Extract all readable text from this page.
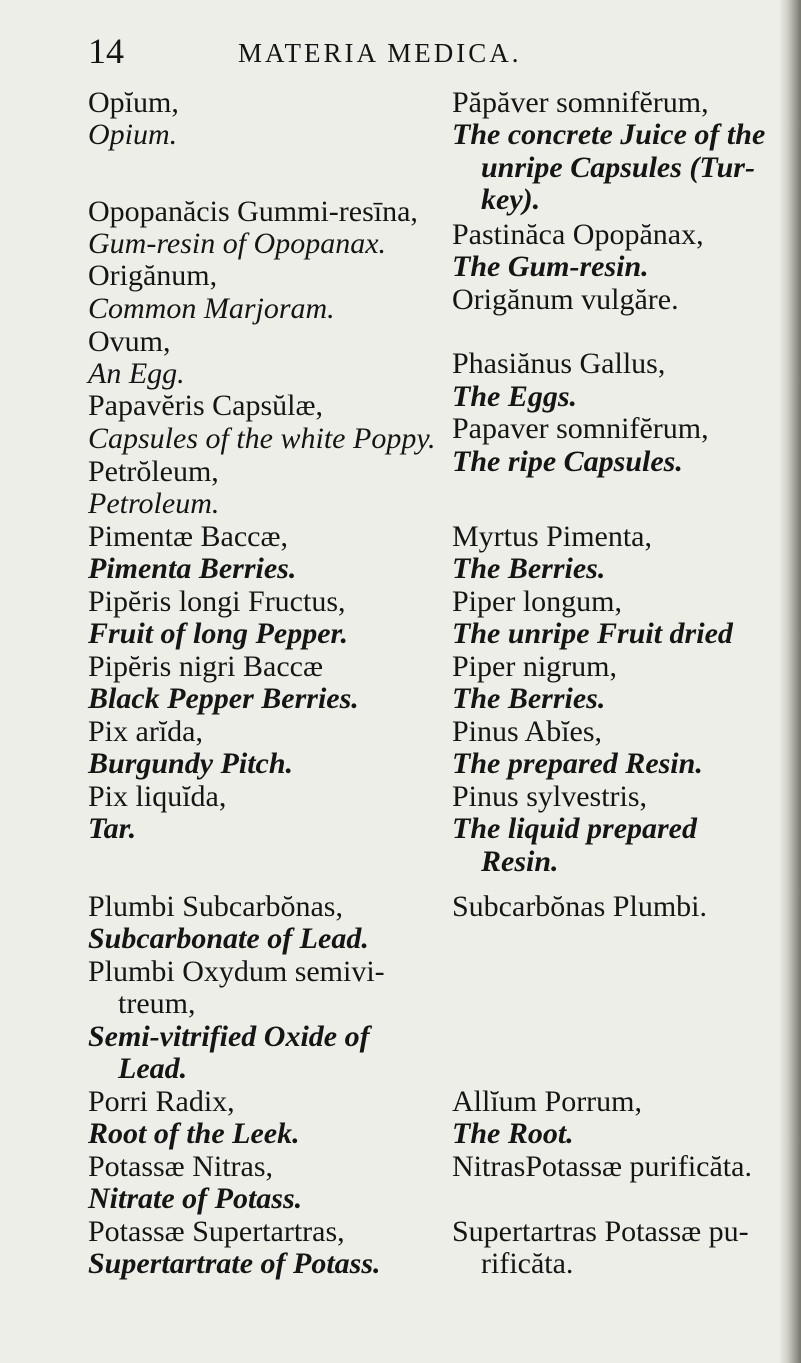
14	MATERIA MEDICA.
Opĭum,
Opium.
Opopanăcis Gummi-resīna,
Gum-resin of Opopanax.
Origănum,
Common Marjoram.
Ovum,
An Egg.
Papavĕris Capsŭlæ,
Capsules of the white Poppy.
Petrŏleum,
Petroleum.
Pimentæ Baccæ,
Pimenta Berries.
Pipĕris longi Fructus,
Fruit of long Pepper.
Pipĕris nigri Baccæ
Black Pepper Berries.
Pix arĭda,
Burgundy Pitch.
Pix liquĭda,
Tar.
Plumbi Subcarbŏnas,
Subcarbonate of Lead.
Plumbi Oxydum semivi-
treum,
Semi-vitrified Oxide of
Lead.
Porri Radix,
Root of the Leek.
Potassæ Nitras,
Nitrate of Potass.
Potassæ Supertartras,
Supertartrate of Potass.
Păpăver somnifĕrum,
The concrete Juice of the
unripe Capsules (Tur-
key).
Pastinăca Opopănax,
The Gum-resin.
Origănum vulgăre.
Phasiănus Gallus,
The Eggs.
Papaver somnifĕrum,
The ripe Capsules.
Myrtus Pimenta,
The Berries.
Piper longum,
The unripe Fruit dried
Piper nigrum,
The Berries.
Pinus Abĭes,
The prepared Resin.
Pinus sylvestris,
The liquid prepared
Resin.
Subcarbŏnas Plumbi.
Allĭum Porrum,
The Root.
NitrasPotassæ purificăta.
Supertartras Potassæ pu-
rificăta.
